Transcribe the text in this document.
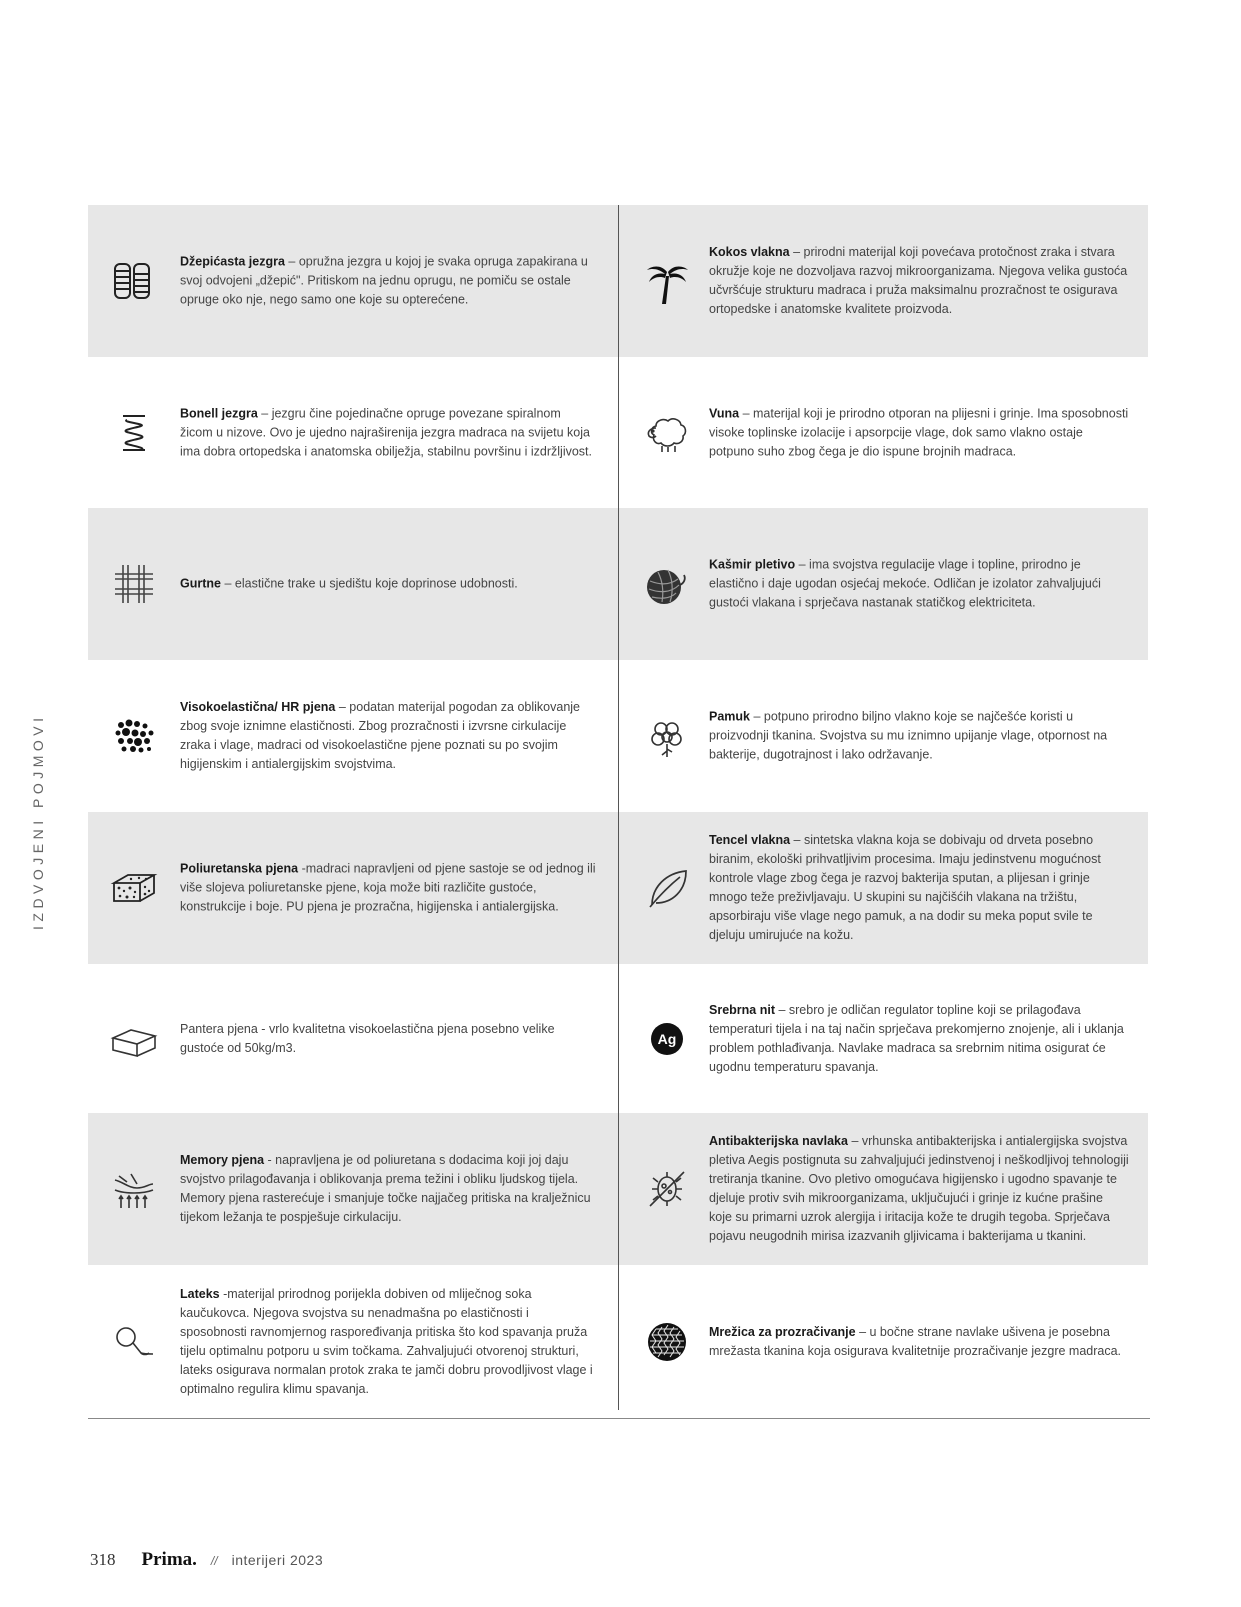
IZDVOJENI POJMOVI
Džepićasta jezgra – opružna jezgra u kojoj je svaka opruga zapakirana u svoj odvojeni „džepić". Pritiskom na jednu oprugu, ne pomiču se ostale opruge oko nje, nego samo one koje su opterećene.
Bonell jezgra – jezgru čine pojedinačne opruge povezane spiralnom žicom u nizove. Ovo je ujedno najraširenija jezgra madraca na svijetu koja ima dobra ortopedska i anatomska obilježja, stabilnu površinu i izdržljivost.
Gurtne – elastične trake u sjedištu koje doprinose udobnosti.
Visokoelastična/ HR pjena – podatan materijal pogodan za oblikovanje zbog svoje iznimne elastičnosti. Zbog prozračnosti i izvrsne cirkulacije zraka i vlage, madraci od visokoelastične pjene poznati su po svojim higijenskim i antialergijskim svojstvima.
Poliuretanska pjena -madraci napravljeni od pjene sastoje se od jednog ili više slojeva poliuretanske pjene, koja može biti različite gustoće, konstrukcije i boje. PU pjena je prozračna, higijenska i antialergijska.
Pantera pjena - vrlo kvalitetna visokoelastična pjena posebno velike gustoće od 50kg/m3.
Memory pjena - napravljena je od poliuretana s dodacima koji joj daju svojstvo prilagođavanja i oblikovanja prema težini i obliku ljudskog tijela. Memory pjena rasterećuje i smanjuje točke najjačeg pritiska na kralježnicu tijekom ležanja te pospješuje cirkulaciju.
Lateks -materijal prirodnog porijekla dobiven od mliječnog soka kaučukovca. Njegova svojstva su nenadmašna po elastičnosti i sposobnosti ravnomjernog raspoređivanja pritiska što kod spavanja pruža tijelu optimalnu potporu u svim točkama. Zahvaljujući otvorenoj strukturi, lateks osigurava normalan protok zraka te jamči dobru provodljivost vlage i optimalno regulira klimu spavanja.
Kokos vlakna – prirodni materijal koji povećava protočnost zraka i stvara okružje koje ne dozvoljava razvoj mikroorganizama. Njegova velika gustoća učvršćuje strukturu madraca i pruža maksimalnu prozračnost te osigurava ortopedske i anatomske kvalitete proizvoda.
Vuna – materijal koji je prirodno otporan na plijesni i grinje. Ima sposobnosti visoke toplinske izolacije i apsorpcije vlage, dok samo vlakno ostaje potpuno suho zbog čega je dio ispune brojnih madraca.
Kašmir pletivo – ima svojstva regulacije vlage i topline, prirodno je elastično i daje ugodan osjećaj mekoće. Odličan je izolator zahvaljujući gustoći vlakana i sprječava nastanak statičkog elektriciteta.
Pamuk – potpuno prirodno biljno vlakno koje se najčešće koristi u proizvodnji tkanina. Svojstva su mu iznimno upijanje vlage, otpornost na bakterije, dugotrajnost i lako održavanje.
Tencel vlakna – sintetska vlakna koja se dobivaju od drveta posebno biranim, ekološki prihvatljivim procesima. Imaju jedinstvenu mogućnost kontrole vlage zbog čega je razvoj bakterija sputan, a plijesan i grinje mnogo teže preživljavaju. U skupini su najčišćih vlakana na tržištu, apsorbiraju više vlage nego pamuk, a na dodir su meka poput svile te djeluju umirujuće na kožu.
Ag
Srebrna nit – srebro je odličan regulator topline koji se prilagođava temperaturi tijela i na taj način sprječava prekomjerno znojenje, ali i uklanja problem pothlađivanja. Navlake madraca sa srebrnim nitima osigurat će ugodnu temperaturu spavanja.
Antibakterijska navlaka – vrhunska antibakterijska i antialergijska svojstva pletiva Aegis postignuta su zahvaljujući jedinstvenoj i neškodljivoj tehnologiji tretiranja tkanine. Ovo pletivo omogućava higijensko i ugodno spavanje te djeluje protiv svih mikroorganizama, uključujući i grinje iz kućne prašine koje su primarni uzrok alergija i iritacija kože te drugih tegoba. Sprječava pojavu neugodnih mirisa izazvanih gljivicama i bakterijama u tkanini.
Mrežica za prozračivanje – u bočne strane navlake ušivena je posebna mrežasta tkanina koja osigurava kvalitetnije prozračivanje jezgre madraca.
318 Prima. // interijeri 2023
